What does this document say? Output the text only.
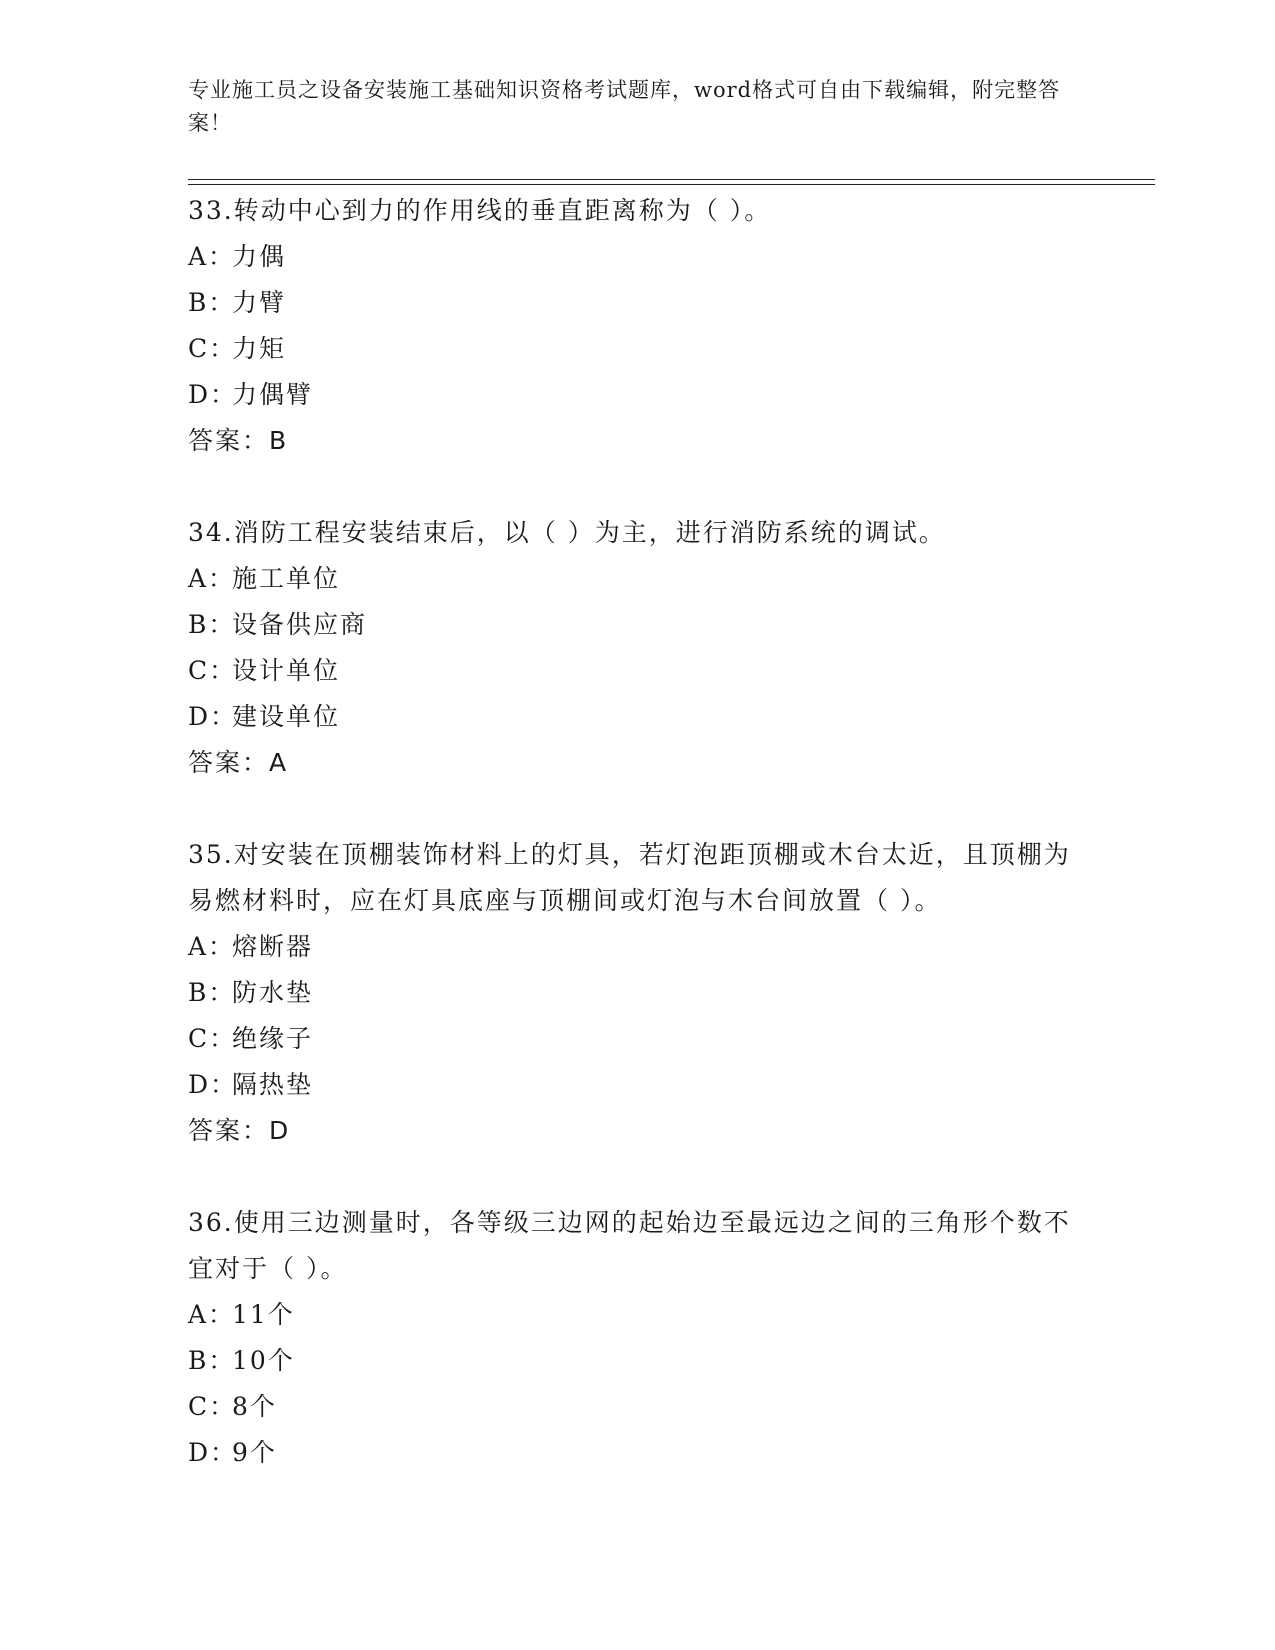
专业施工员之设备安装施工基础知识资格考试题库，word格式可自由下载编辑，附完整答案！
33.转动中心到力的作用线的垂直距离称为（ ）。
A：
力偶
B：
力臂
C：
力矩
D：
力偶臂
答案：B
34.消防工程安装结束后，以（ ）为主，进行消防系统的调试。
A：
施工单位
B：
设备供应商
C：
设计单位
D：
建设单位
答案：A
35.对安装在顶棚装饰材料上的灯具，若灯泡距顶棚或木台太近，且顶棚为易燃材料时，应在灯具底座与顶棚间或灯泡与木台间放置（ ）。
A：
熔断器
B：
防水垫
C：
绝缘子
D：
隔热垫
答案：D
36.使用三边测量时，各等级三边网的起始边至最远边之间的三角形个数不宜对于（ ）。
A：
11个
B：
10个
C：
8个
D：
9个
